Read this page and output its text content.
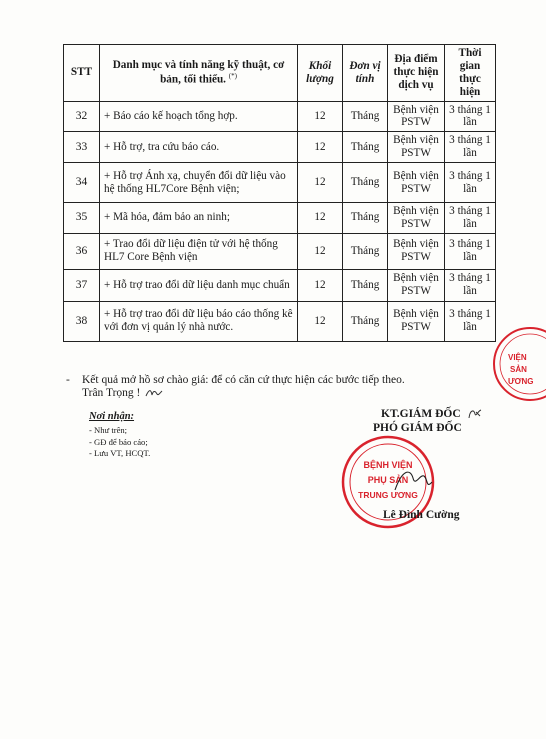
STT	Danh mục và tính năng kỹ thuật, cơ bản, tối thiểu. (*)	Khối lượng	Đơn vị tính	Địa điểm thực hiện dịch vụ	Thời gian thực hiện
32	+ Báo cáo kế hoạch tổng hợp.	12	Tháng	Bệnh viện PSTW	3 tháng 1 lần
33	+ Hỗ trợ, tra cứu báo cáo.	12	Tháng	Bệnh viện PSTW	3 tháng 1 lần
34	+ Hỗ trợ Ánh xạ, chuyển đổi dữ liệu vào hệ thống HL7Core Bệnh viện;	12	Tháng	Bệnh viện PSTW	3 tháng 1 lần
35	+ Mã hóa, đảm bảo an ninh;	12	Tháng	Bệnh viện PSTW	3 tháng 1 lần
36	+ Trao đổi dữ liệu điện tử với hệ thống HL7 Core Bệnh viện	12	Tháng	Bệnh viện PSTW	3 tháng 1 lần
37	+ Hỗ trợ trao đổi dữ liệu danh mục chuẩn	12	Tháng	Bệnh viện PSTW	3 tháng 1 lần
38	+ Hỗ trợ trao đổi dữ liệu báo cáo thống kê với đơn vị quản lý nhà nước.	12	Tháng	Bệnh viện PSTW	3 tháng 1 lần
- Kết quả mở hồ sơ chào giá: để có căn cứ thực hiện các bước tiếp theo.
Trân Trọng !
Nơi nhận:
- Như trên;
- GĐ để báo cáo;
- Lưu VT, HCQT.
KT.GIÁM ĐỐC
PHÓ GIÁM ĐỐC
BỆNH VIỆN
PHỤ SẢN
TRUNG ƯƠNG
Lê Đình Cường
VIỆN
SẢN
ƯƠNG
